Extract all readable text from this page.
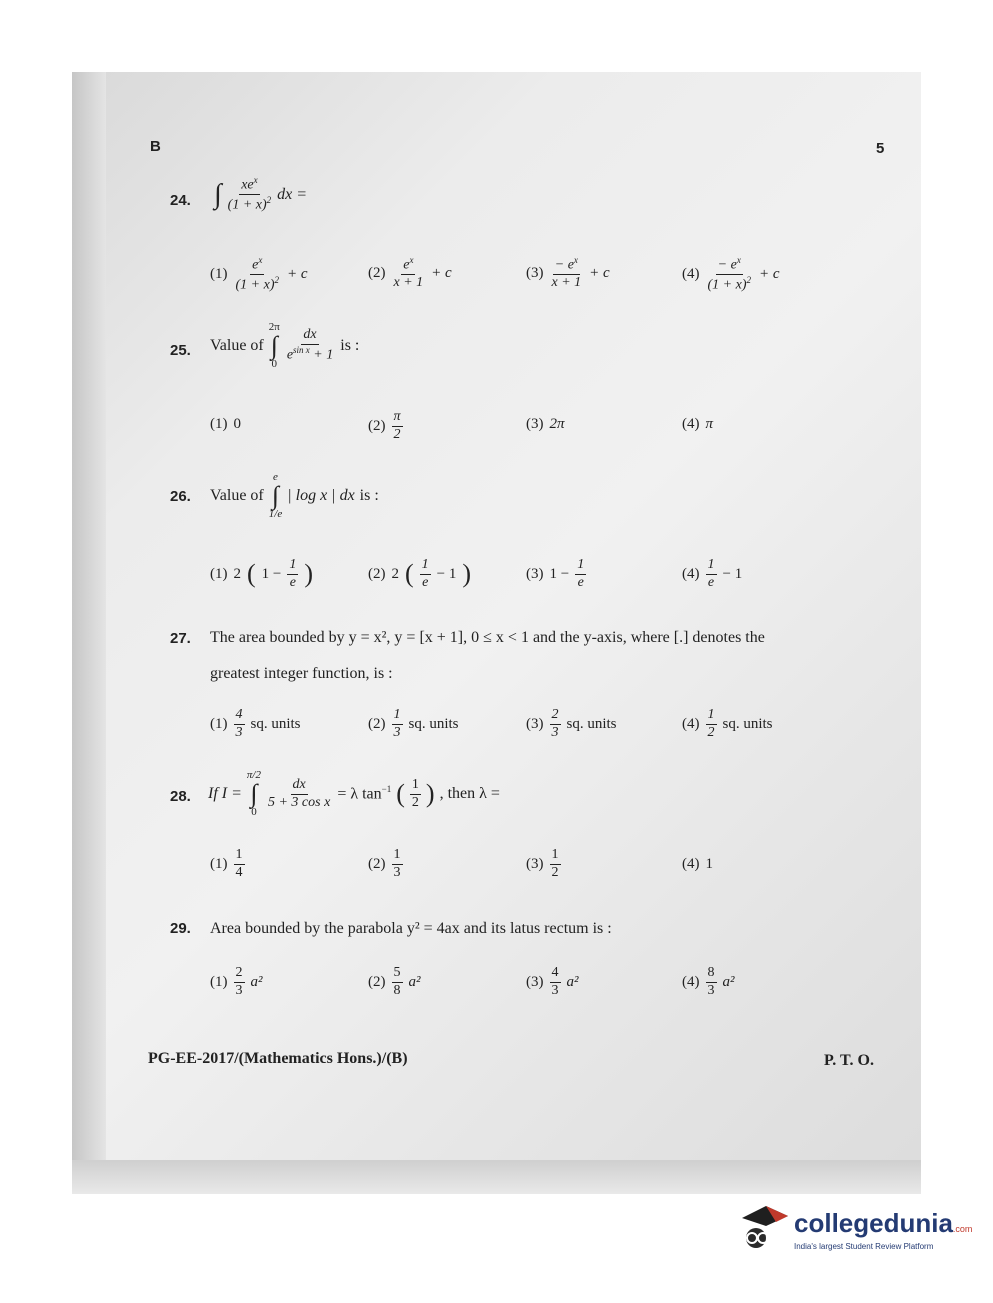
B	5
24. ∫ $\frac{xe^x}{(1 + x)^2}$ dx =
$(1) \frac{e^x}{(1 + x)^2} + c$	$(2) \frac{e^x}{x + 1} + c$	$(3) \frac{- e^x}{x + 1} + c$	$(4) \frac{- e^x}{(1 + x)^2} + c$
25. Value of
2π
∫
0
$\frac{dx}{e^{sin x} + 1}$ is :
(1) 0	$(2) \frac{\pi}{2}$	(3) 2π	(4) π
26. Value of
e
∫
1/e
| log x | dx is :
(1) 2 ( $1 - \frac{1}{e}$ )	(2) 2 ( $\frac{1}{e} - 1$ )	(3) $1 - \frac{1}{e}$	$(4) \frac{1}{e} - 1$
27. The area bounded by y = x², y = [x + 1], 0 ≤ x < 1 and the y-axis, where [.] denotes the
greatest integer function, is :
$(1) \frac{4}{3}$ sq. units	$(2) \frac{1}{3}$ sq. units	$(3) \frac{2}{3}$ sq. units	$(4) \frac{1}{2}$ sq. units
28. If I =
π/2
∫
0
$\frac{dx}{\text{5 + 3 cos x}} = \lambda$ $\tan^{-1}$ ( $\frac{1}{2}$ ) , then λ =
$(1) \frac{1}{4}$	$(2) \frac{1}{3}$	$(3) \frac{1}{2}$	(4) 1
29. Area bounded by the parabola y² = 4ax and its latus rectum is :
$(1) \frac{2}{3} a^2$	$(2) \frac{5}{8} a^2$	$(3) \frac{4}{3} a^2$	$(4) \frac{8}{3} a^2$
PG-EE-2017/(Mathematics Hons.)/(B)	P. T. O.
collegedunia.com
India's largest Student Review Platform
